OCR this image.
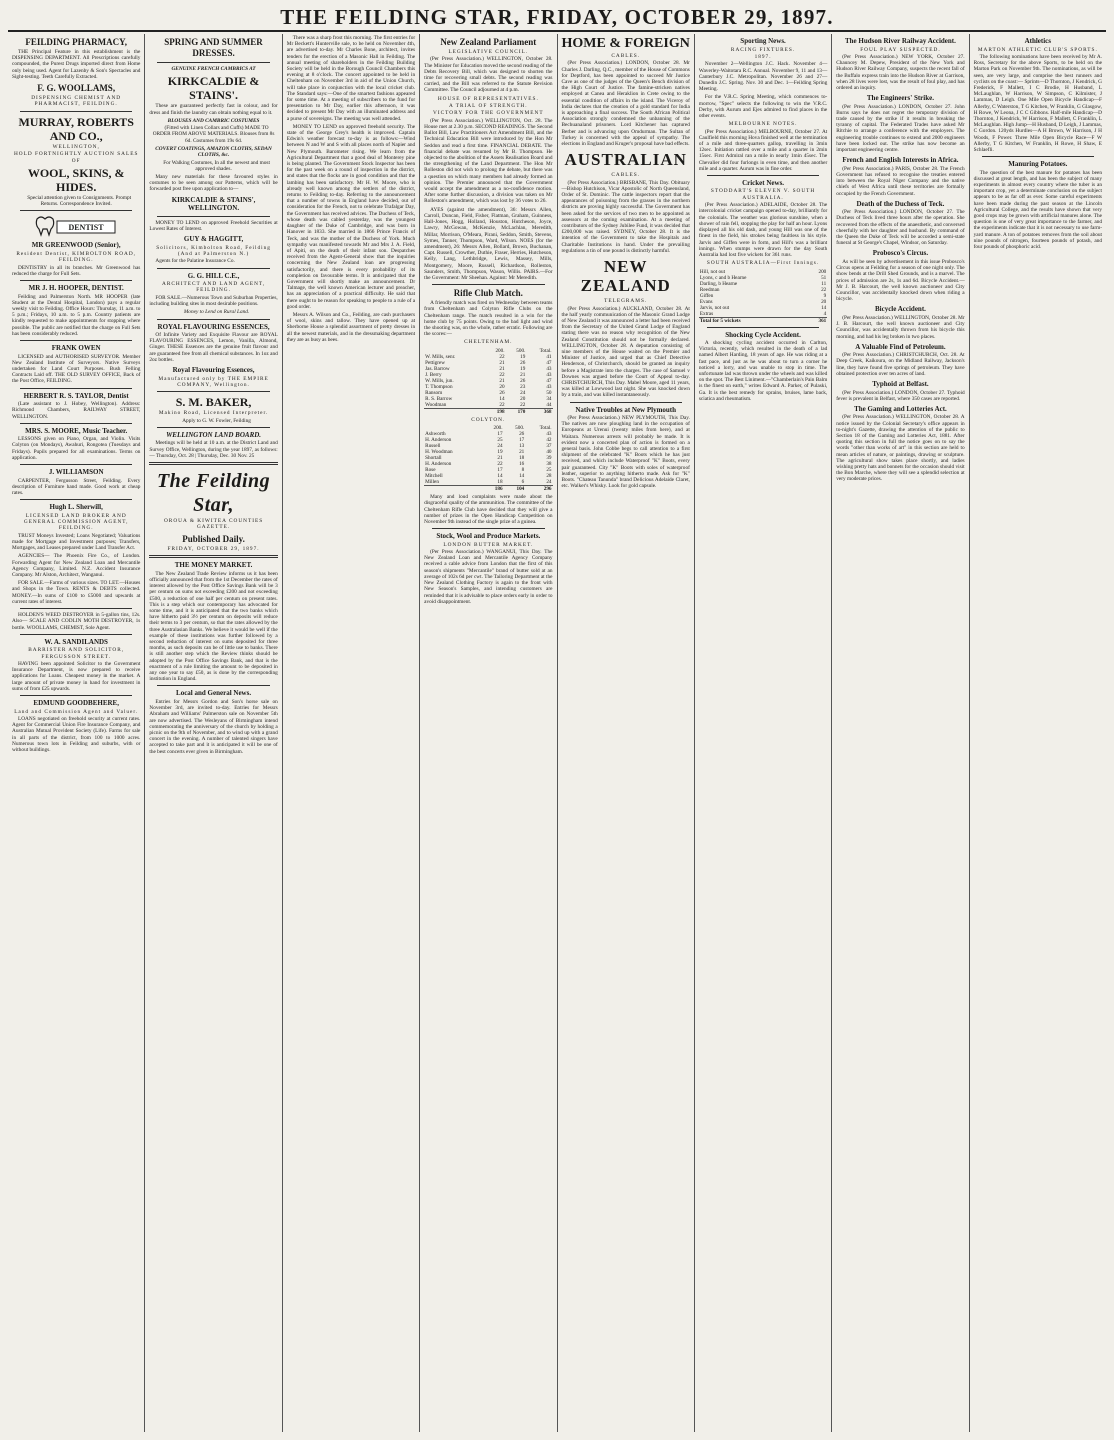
THE FEILDING STAR, FRIDAY, OCTOBER 29, 1897.
FEILDING PHARMACY,
THE Principal Feature in this establishment is the DISPENSING DEPARTMENT. All Prescriptions carefully compounded, the Purest Drugs imported direct from Home only being used. Agent for Lazenby & Son's Spectacles and Sight-testing. Teeth Carefully Extracted.
F. G. WOOLLAMS,
DISPENSING CHEMIST AND PHARMACIST, FEILDING.
MURRAY, ROBERTS AND CO.,
WELLINGTON,
HOLD FORTNIGHTLY AUCTION SALES OF
WOOL, SKINS, & HIDES.
Special attention given to Consignments. Prompt Returns. Correspondence Invited.
DENTIST
MR GREENWOOD (Senior),
Resident Dentist, KIMBOLTON ROAD, FEILDING.
DENTISTRY in all its branches. Mr Greenwood has reduced the charge for Full Sets.
MR J. H. HOOPER, DENTIST.
Feilding and Palmerston North. MR HOOPER (late Student at the Dental Hospital, London) pays a regular weekly visit to Feilding. Office Hours: Thursday, 11 a.m. to 5 p.m.; Fridays, 10 a.m. to 5 p.m. Country patients are kindly requested to make appointments for stopping where possible. The public are notified that the charge on Full Sets has been considerably reduced.
FRANK OWEN
LICENSED and AUTHORISED SURVEYOR. Member New Zealand Institute of Surveyors. Native Surveys undertaken for Land Court Purposes. Bush Felling Contracts Laid off. THE OLD SURVEY OFFICE, Back of the Post Office, FEILDING.
HERBERT R. S. TAYLOR, Dentist
(Late assistant to J. Hobey, Wellington). Address: Richmond Chambers, RAILWAY STREET, WELLINGTON.
MRS. S. MOORE, Music Teacher.
LESSONS given on Piano, Organ, and Violin. Visits Colyton (on Mondays), Awahuri, Rongotea (Tuesdays and Fridays). Pupils prepared for all examinations. Terms on application.
J. WILLIAMSON
CARPENTER, Fergusson Street, Feilding. Every description of Furniture hand made. Good work at cheap rates.
Hugh L. Sherwill,
LICENSED LAND BROKER AND GENERAL COMMISSION AGENT, FEILDING.
TRUST Moneys Invested; Loans Negotiated; Valuations made for Mortgage and Investment purposes; Transfers, Mortgages, and Leases prepared under Land Transfer Act.
AGENCIES— The Phoenix Fire Co., of London. Forwarding Agent for New Zealand Loan and Mercantile Agency Company, Limited. N.Z. Accident Insurance Company. Mr Alston, Architect, Wanganui.
FOR SALE.—Farms of various sizes. TO LET.—Houses and Shops in the Town. RENTS & DEBTS collected. MONEY.—In sums of £100 to £5000 and upwards at current rates of interest.
HOLDEN'S WEED DESTROYER in 5-gallon tins, 12s. Also— SCALE AND CODLIN MOTH DESTROYER, 1s bottle. WOOLLAMS, CHEMIST, Sole Agent.
W. A. SANDILANDS
BARRISTER AND SOLICITOR, FERGUSSON STREET.
HAVING been appointed Solicitor to the Government Insurance Department, is now prepared to receive applications for Loans. Cheapest money in the market. A large amount of private money in hand for investment in sums of from £25 upwards.
EDMUND GOODBEHERE,
Land and Commission Agent and Valuer.
LOANS negotiated on freehold security at current rates. Agent for Commercial Union Fire Insurance Company, and Australian Mutual Provident Society (Life). Farms for sale in all parts of the district, from 100 to 1000 acres. Numerous town lots in Feilding and suburbs, with or without buildings.
SPRING AND SUMMER DRESSES.
GENUINE FRENCH CAMBRICS AT
KIRKCALDIE & STAINS'.
These are guaranteed perfectly fast in colour, and for dress and finish the laundry can obtain nothing equal to it.
BLOUSES AND CAMBRIC COSTUMES
(Fitted with Linen Collars and Cuffs) MADE TO ORDER FROM ABOVE MATERIALS. Blouses from 8s 6d. Costumes from 19s 6d.
COVERT COATINGS, AMAZON CLOTHS, SEDAN CLOTHS, &c.
For Walking Costumes, In all the newest and most approved shades.
Many new materials for these favoured styles in costumes to be seen among our Patterns, which will be forwarded post free upon application to—
KIRKCALDIE & STAINS', WELLINGTON.
MONEY TO LEND on approved Freehold Securities at Lowest Rates of Interest.
GUY & HAGGITT,
Solicitors, Kimbolton Road, Feilding (And at Palmerston N.)
Agents for the Palatine Insurance Co.
G. G. HILL C.E.,
ARCHITECT AND LAND AGENT, FEILDING.
FOR SALE.—Numerous Town and Suburban Properties, including building sites in most desirable positions.
Money to Lend on Rural Land.
ROYAL FLAVOURING ESSENCES,
Of Infinite Variety and Exquisite Flavour are ROYAL FLAVOURING ESSENCES, Lemon, Vanilla, Almond, Ginger. THESE Essences are the genuine fruit flavour and are guaranteed free from all chemical substances. In 1oz and 2oz bottles.
Royal Flavouring Essences,
Manufactured only by THE EMPIRE COMPANY, Wellington.
S. M. BAKER,
Makino Road, Licensed Interpreter.
Apply to G. W. Fowler, Feilding
WELLINGTON LAND BOARD.
Meetings will be held at 10 a.m. at the District Land and Survey Office, Wellington, during the year 1897, as follows:— Thursday, Oct. 28 | Thursday, Dec. 30 Nov. 25
The Feilding Star,
OROUA & KIWITEA COUNTIES GAZETTE.
Published Daily.
FRIDAY, OCTOBER 29, 1897.
THE MONEY MARKET.
The New Zealand Trade Review informs us it has been officially announced that from the 1st December the rates of interest allowed by the Post Office Savings Bank will be 3 per centum on sums not exceeding £200 and not exceeding £500, a reduction of one half per centum on present rates. This is a step which our contemporary has advocated for some time, and it is anticipated that the two banks which have hitherto paid 3½ per centum on deposits will reduce their terms to 3 per centum, so that the rates allowed by the three Australasian Banks. We believe it would be well if the example of these institutions was further followed by a second reduction of interest on sums deposited for three months, as such deposits can be of little use to banks. There is still another step which the Review thinks should be adopted by the Post Office Savings Bank, and that is the enactment of a rule limiting the amount to be deposited in any one year to say £50, as is done by the corresponding institution in England.
Local and General News.
Entries for Messrs Gordon and Son's horse sale on November 3rd, are invited to-day. Entries for Messrs Abraham and Williams' Palmerston sale on November 5th are now advertised. The Wesleyans of Birmingham intend commemorating the anniversary of the church by holding a picnic on the 9th of November, and to wind up with a grand concert in the evening. A number of talented singers have accepted to take part and it is anticipated it will be one of the best concerts ever given in Birmingham.
There was a sharp frost this morning. The first entries for Mr Beckett's Hunterville sale, to be held on November 4th, are advertised to-day. Mr Charles Bone, architect, invites tenders for the erection of a Masonic Hall in Feilding. The annual meeting of shareholders in the Feilding Building Society will be held in the Borough Council Chambers this evening at 8 o'clock. The concert appointed to be held in Cheltenham on November 3rd in aid of the Union Church, will take place in conjunction with the local cricket club. The Standard says:—One of the smartest fashions appeared for some time. At a meeting of subscribers to the fund for presentation to Mr Day, earlier this afternoon, it was decided to present Mr Day with an illuminated address and a purse of sovereigns. The meeting was well attended.
MONEY TO LEND on approved freehold security. The state of the George Grey's health is improved. Captain Edwin's weather forecast to-day is as follows:—Wind between N and W and S with all places north of Napier and New Plymouth. Barometer rising. We learn from the Agricultural Department that a good deal of Monterey pine is being planted. The Government Stock Inspector has been for the past week on a round of inspection in the district, and states that the flocks are in good condition and that the lambing has been satisfactory. Mr H. W. Moore, who is already well known among the settlers of the district, returns to Feilding to-day. Referring to the announcement that a number of towns in England have decided, out of consideration for the French, not to celebrate Trafalgar Day, the Government has received advices. The Duchess of Teck, whose death was cabled yesterday, was the youngest daughter of the Duke of Cambridge, and was born in Hanover in 1833. She married in 1866 Prince Francis of Teck, and was the mother of the Duchess of York. Much sympathy was manifested towards Mr and Mrs J. A. Field, of Apiti, on the death of their infant son. Despatches received from the Agent-General show that the inquiries concerning the New Zealand loan are progressing satisfactorily, and there is every probability of its completion on favourable terms. It is anticipated that the Government will shortly make an announcement. Dr Talmage, the well known American lecturer and preacher, has an appreciation of a practical difficulty. He said that there ought to be reason for speaking to people to a rule of a good order.
Messrs A. Wilson and Co., Feilding, are cash purchasers of wool, skins and tallow. They have opened up at Sherborne House a splendid assortment of pretty dresses in all the newest materials, and in the dressmaking department they are as busy as bees.
New Zealand Parliament
LEGISLATIVE COUNCIL.
(Per Press Association.) WELLINGTON, October 28. The Minister for Education moved the second reading of the Debts Recovery Bill, which was designed to shorten the time for recovering small debts. The second reading was carried, and the Bill was referred to the Statute Revision Committee. The Council adjourned at 4 p.m.
HOUSE OF REPRESENTATIVES.
A TRIAL OF STRENGTH.
VICTORY FOR THE GOVERNMENT
(Per Press Association.) WELLINGTON, Oct. 28. The House met at 2.30 p.m. SECOND READINGS. The Second Ballot Bill, Law Practitioners Act Amendment Bill, and the Technical Education Bill were introduced by the Hon Mr Seddon and read a first time. FINANCIAL DEBATE. The financial debate was resumed by Mr B. Thompson. He objected to the abolition of the Assets Realisation Board and the strengthening of the Land Department. The Hon Mr Rolleston did not wish to prolong the debate, but there was a question on which many members had already formed an opinion. The Premier announced that the Government would accept the amendment as a no-confidence motion. After some further discussion, a division was taken on Mr Rolleston's amendment, which was lost by 36 votes to 26.
AYES (against the amendment), 36: Messrs Allen, Carroll, Duncan, Field, Fisher, Flatman, Graham, Guinness, Hall-Jones, Hogg, Holland, Houston, Hutcheson, Joyce, Lawry, McGowan, McKenzie, McLachlan, Meredith, Millar, Morrison, O'Meara, Pirani, Seddon, Smith, Stevens, Symes, Tanner, Thompson, Ward, Wilson. NOES (for the amendment), 26: Messrs Allen, Bollard, Brown, Buchanan, Capt. Russell, Crowther, Duthie, Fraser, Herries, Hutcheson, Kelly, Lang, Lethbridge, Lewis, Massey, Mills, Montgomery, Moore, Russell, Richardson, Rolleston, Saunders, Smith, Thompson, Wason, Willis. PAIRS.—For the Government: Mr Sheehan. Against: Mr Meredith.
Rifle Club Match.
A friendly match was fired on Wednesday between teams from Cheltenham and Colyton Rifle Clubs on the Cheltenham range. The match resulted in a win for the home club by 75 points. Owing to the bad light and wind the shooting was, on the whole, rather erratic. Following are the scores:—
CHELTENHAM.
	200.	500.	Total.
W. Mills, senr.	22	19	41
Pettigrew	21	26	47
Jas. Barrow	21	19	43
J. Berry	22	21	43
W. Mills, jun.	21	26	47
T. Thompson	20	23	43
Ransom	26	24	50
R. S. Barrow	14	20	34
Woodman	22	22	44
	198	170	368
COLYTON.
	200.	500.	Total.
Ashworth	17	26	43
H. Anderson	25	17	42
Russell	24	13	37
H. Woodman	19	21	40
Shortall	21	18	39
H. Anderson	22	16	38
Rose	17	8	25
Mitchell	14	14	28
Millen	18	6	24
	186	104	296
Many and loud complaints were made about the disgraceful quality of the ammunition. The committee of the Cheltenham Rifle Club have decided that they will give a number of prizes in the Open Handicap Competition on November 9th instead of the single prize of a guinea.
Stock, Wool and Produce Markets.
LONDON BUTTER MARKET.
(Per Press Association.) WANGANUI, This Day. The New Zealand Loan and Mercantile Agency Company received a cable advice from London that the first of this season's shipments "Mercantile" brand of butter sold at an average of 102s 6d per cwt. The Tailoring Department at the New Zealand Clothing Factory is again to the front with New Season's Samples, and intending customers are reminded that it is advisable to place orders early in order to avoid disappointment.
HOME & FOREIGN
CABLES.
(Per Press Association.) LONDON, October 28. Mr Charles J. Darling, Q.C., member of the House of Commons for Deptford, has been appointed to succeed Mr Justice Cave as one of the judges of the Queen's Bench division of the High Court of Justice. The famine-stricken natives employed at Canea and Heraklion in Crete owing to the essential condition of affairs in the island. The Viceroy of India declares that the creation of a gold standard for India is approaching a final success. The South African Political Association strongly condemned the unbanning of the Bechuanaland prisoners. Lord Kitchener has captured Berber and is advancing upon Omdurman. The Sultan of Turkey is concerned with the appeal of sympathy. The elections in England and Kruger's proposal have bad effects.
AUSTRALIAN
CABLES.
(Per Press Association.) BRISBANE, This Day. Obituary—Bishop Hutchison, Vicar Apostolic of North Queensland, Order of St. Dominic. The cattle inspectors report that the appearances of poisoning from the grasses in the northern districts are proving highly successful. The Government has been asked for the services of two men to be appointed as assessors at the coming examination. At a meeting of contributors of the Sydney Jubilee Fund, it was decided that £200,000 was raised. SYDNEY, October 28. It is the intention of the Government to take the Hospitals and Charitable Institutions in hand. Under the prevailing regulations a tin of one pound is distinctly harmful.
NEW ZEALAND
TELEGRAMS.
(Per Press Association.) AUCKLAND, October 28. At the half yearly communication of the Masonic Grand Lodge of New Zealand it was announced a letter had been received from the Secretary of the United Grand Lodge of England stating there was no reason why recognition of the New Zealand Constitution should not be formally declared. WELLINGTON, October 28. A deputation consisting of nine members of the House waited on the Premier and Minister of Justice, and urged that as Chief Detective Henderson, of Christchurch, should be granted an inquiry before a Magistrate into the charges. The case of Samuel v Downes was argued before the Court of Appeal to-day. CHRISTCHURCH, This Day. Mabel Moore, aged 11 years, was killed at Lowwood last night. She was knocked down by a train, and was killed instantaneously.
Native Troubles at New Plymouth
(Per Press Association.) NEW PLYMOUTH, This Day. The natives are now ploughing land in the occupation of Europeans at Urenui (twenty miles from here), and at Waitara. Numerous arrests will probably be made. It is evident now a concerted plan of action is formed on a general basis. John Cobbe begs to call attention to a first shipment of the celebrated "K" Boots which he has just received, and which include Waterproof "K" Boots, every pair guaranteed. City "K" Boots with soles of waterproof leather, superior to anything hitherto made. Ask for "K" Boots. "Chateau Tanunda" brand Delicious Adelaide Claret, etc. Walker's Whisky. Look for gold capsule.
Sporting News.
RACING FIXTURES.
1897.
November 2—Wellington J.C. Hack. November 4—Waverley-Waitotara R.C. Annual. November 9, 11 and 13—Canterbury J.C. Metropolitan. November 26 and 27—Dunedin J.C. Spring. Nov. 30 and Dec. 1—Feilding Spring Meeting.
For the V.R.C. Spring Meeting, which commences to-morrow, "Spec" selects the following to win the V.R.C. Derby, with Aurum and Ejes admired to find places in the other events.
MELBOURNE NOTES.
(Per Press Association.) MELBOURNE, October 27. At Caulfield this morning Hova finished well at the termination of a mile and three-quarters gallop, travelling in 3min 12sec. Initiation rattled over a mile and a quarter in 2min 15sec. First Admiral ran a mile in nearly 1min 45sec. The Chevalier did four furlongs in even time, and then another mile and a quarter. Aurum was in fine order.
Cricket News.
STODDART'S ELEVEN V. SOUTH AUSTRALIA.
(Per Press Association.) ADELAIDE, October 28. The intercolonial cricket campaign opened to-day, brilliantly for the colonials. The weather was glorious sunshine, when a shower of rain fell, stopping the play for half an hour. Lyons displayed all his old dash, and young Hill was one of the finest in the field, his strokes being faultless in his style. Jarvis and Giffen were in form, and Hill's was a brilliant innings. When stumps were drawn for the day South Australia had lost five wickets for 361 runs.
SOUTH AUSTRALIA—First Innings.
Hill, not out	200
Lyons, c and b Hearne	51
Darling, b Hearne	11
Reedman	22
Giffen	9
Evans	20
Jarvis, not out	14
Extras	4
Total for 5 wickets	361
Shocking Cycle Accident.
A shocking cycling accident occurred in Carlton, Victoria, recently, which resulted in the death of a lad named Albert Harding, 18 years of age. He was riding at a fast pace, and just as he was about to turn a corner he noticed a lorry, and was unable to stop in time. The unfortunate lad was thrown under the wheels and was killed on the spot. The Best Liniment.—"Chamberlain's Pain Balm is the finest on earth," writes Edward A. Parker, of Pulaski, Ga. It is the best remedy for sprains, bruises, lame back, sciatica and rheumatism.
The Hudson River Railway Accident.
FOUL PLAY SUSPECTED.
(Per Press Association.) NEW YORK, October 27. Chauncey M. Depew, President of the New York and Hudson River Railway Company, suspects the recent fall of the Buffalo express train into the Hudson River at Garrison, when 28 lives were lost, was the result of foul play, and has ordered an inquiry.
The Engineers' Strike.
(Per Press Association.) LONDON, October 27. John Burns says he does not regret the temporary division of trade caused by the strike if it results in breaking the tyranny of capital. The Federated Trades have asked Mr Ritchie to arrange a conference with the employers. The engineering trouble continues to extend and 2000 engineers have been locked out. The strike has now become an important engineering centre.
French and English Interests in Africa.
(Per Press Association.) PARIS, October 28. The French Government has refused to recognise the treaties entered into between the Royal Niger Company and the native chiefs of West Africa until these territories are formally occupied by the French Government.
Death of the Duchess of Teck.
(Per Press Association.) LONDON, October 27. The Duchess of Teck lived three hours after the operation. She recovered from the effects of the anaesthetic, and conversed cheerfully with her daughter and husband. By command of the Queen the Duke of Teck will be accorded a semi-state funeral at St George's Chapel, Windsor, on Saturday.
Probosco's Circus.
As will be seen by advertisement in this issue Probosco's Circus opens at Feilding for a season of one night only. The show bends at the Drill Shed Grounds, and is a marvel. The prices of admission are 2s, 1s and 6d. Bicycle Accident.—Mr J. B. Harcourt, the well known auctioneer and City Councillor, was accidentally knocked down when riding a bicycle.
Bicycle Accident.
(Per Press Association.) WELLINGTON, October 28. Mr J. B. Harcourt, the well known auctioneer and City Councillor, was accidentally thrown from his bicycle this morning, and had his leg broken in two places.
A Valuable Find of Petroleum.
(Per Press Association.) CHRISTCHURCH, Oct. 28. At Deep Creek, Kaikoura, on the Midland Railway, Jackson's line, they have found five springs of petroleum. They have obtained protection over ten acres of land.
Typhoid at Belfast.
(Per Press Association.) LONDON, October 27. Typhoid fever is prevalent in Belfast, where 350 cases are reported.
The Gaming and Lotteries Act.
(Per Press Association.) WELLINGTON, October 28. A notice issued by the Colonial Secretary's office appears in to-night's Gazette, drawing the attention of the public to Section 18 of the Gaming and Lotteries Act, 1881. After quoting this section in full the notice goes on to say the words "other than works of art" in this section are held to mean articles of nature, or paintings, drawing or sculpture. The agricultural show takes place shortly, and ladies wishing pretty hats and bonnets for the occasion should visit the Bon Marche, where they will see a splendid selection at very moderate prices.
Athletics
MARTON ATHLETIC CLUB'S SPORTS.
The following nominations have been received by Mr A. Ross, Secretary for the above Sports, to be held on the Marton Park on November 9th. The nominations, as will be seen, are very large, and comprise the best runners and cyclists on the coast:— Sprints—D Thornton, J Kendrick, G Frederick, F Mallett, I C Brodie, H Husband, L McLaughlan, W Harrison, W Simpson, C Kilmister, J Lammas, D Leigh. One Mile Open Bicycle Handicap—F Allerby, C Waterston, T G Kitchen, W Franklin, G Glasgow, H Rowe, W Leona, J C C Gibbons. Half-mile Handicap—D Thornton, J Kendrick, W Harrison, F Mallett, C Franklin, L McLaughlan. High Jump—H Husband, D Leigh, J Lammas, C Gordon. 120yds Hurdles—A H Brown, W Harrison, J H Woods, F Power. Three Mile Open Bicycle Race—F W Allerby, T G Kitchen, W Franklin, H Rowe, H Shaw, E Schlaefli.
Manuring Potatoes.
The question of the best manure for potatoes has been discussed at great length, and has been the subject of many experiments in almost every country where the tuber is an important crop, yet a determinate conclusion on the subject appears to be as far off as ever. Some careful experiments have been made during the past season at the Lincoln Agricultural College, and the results have shown that very good crops may be grown with artificial manures alone. The question is one of very great importance to the farmer, and the experiments indicate that it is not necessary to use farm-yard manure. A ton of potatoes removes from the soil about nine pounds of nitrogen, fourteen pounds of potash, and four pounds of phosphoric acid.
